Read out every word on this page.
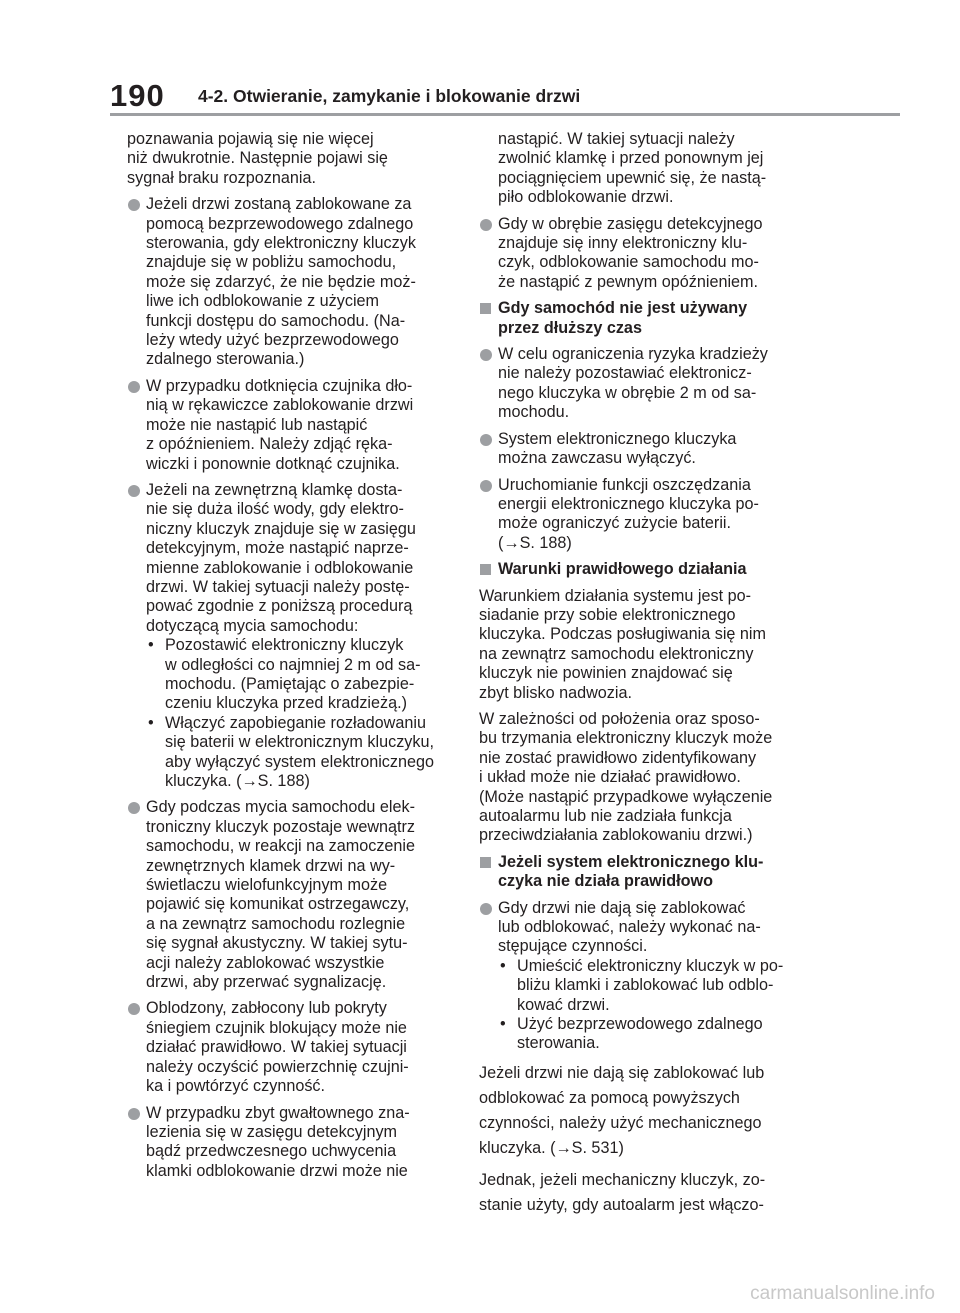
190 4-2. Otwieranie, zamykanie i blokowanie drzwi
poznawania pojawią się nie więcej
niż dwukrotnie. Następnie pojawi się
sygnał braku rozpoznania.
Jeżeli drzwi zostaną zablokowane za
pomocą bezprzewodowego zdalnego
sterowania, gdy elektroniczny kluczyk
znajduje się w pobliżu samochodu,
może się zdarzyć, że nie będzie moż-
liwe ich odblokowanie z użyciem
funkcji dostępu do samochodu. (Na-
leży wtedy użyć bezprzewodowego
zdalnego sterowania.)
W przypadku dotknięcia czujnika dło-
nią w rękawiczce zablokowanie drzwi
może nie nastąpić lub nastąpić
z opóźnieniem. Należy zdjąć ręka-
wiczki i ponownie dotknąć czujnika.
Jeżeli na zewnętrzną klamkę dosta-
nie się duża ilość wody, gdy elektro-
niczny kluczyk znajduje się w zasięgu
detekcyjnym, może nastąpić naprze-
mienne zablokowanie i odblokowanie
drzwi. W takiej sytuacji należy postę-
pować zgodnie z poniższą procedurą
dotyczącą mycia samochodu:
• Pozostawić elektroniczny kluczyk
w odległości co najmniej 2 m od sa-
mochodu. (Pamiętając o zabezpie-
czeniu kluczyka przed kradzieżą.)
• Włączyć zapobieganie rozładowaniu
się baterii w elektronicznym kluczyku,
aby wyłączyć system elektronicznego
kluczyka. (→S. 188)
Gdy podczas mycia samochodu elek-
troniczny kluczyk pozostaje wewnątrz
samochodu, w reakcji na zamoczenie
zewnętrznych klamek drzwi na wy-
świetlaczu wielofunkcyjnym może
pojawić się komunikat ostrzegawczy,
a na zewnątrz samochodu rozlegnie
się sygnał akustyczny. W takiej sytu-
acji należy zablokować wszystkie
drzwi, aby przerwać sygnalizację.
Oblodzony, zabłocony lub pokryty
śniegiem czujnik blokujący może nie
działać prawidłowo. W takiej sytuacji
należy oczyścić powierzchnię czujni-
ka i powtórzyć czynność.
W przypadku zbyt gwałtownego zna-
lezienia się w zasięgu detekcyjnym
bądź przedwczesnego uchwycenia
klamki odblokowanie drzwi może nie
nastąpić. W takiej sytuacji należy
zwolnić klamkę i przed ponownym jej
pociągnięciem upewnić się, że nastą-
piło odblokowanie drzwi.
Gdy w obrębie zasięgu detekcyjnego
znajduje się inny elektroniczny klu-
czyk, odblokowanie samochodu mo-
że nastąpić z pewnym opóźnieniem.
Gdy samochód nie jest używany
przez dłuższy czas
W celu ograniczenia ryzyka kradzieży
nie należy pozostawiać elektronicz-
nego kluczyka w obrębie 2 m od sa-
mochodu.
System elektronicznego kluczyka
można zawczasu wyłączyć.
Uruchomianie funkcji oszczędzania
energii elektronicznego kluczyka po-
może ograniczyć zużycie baterii.
(→S. 188)
Warunki prawidłowego działania
Warunkiem działania systemu jest po-
siadanie przy sobie elektronicznego
kluczyka. Podczas posługiwania się nim
na zewnątrz samochodu elektroniczny
kluczyk nie powinien znajdować się
zbyt blisko nadwozia.
W zależności od położenia oraz sposo-
bu trzymania elektroniczny kluczyk może
nie zostać prawidłowo zidentyfikowany
i układ może nie działać prawidłowo.
(Może nastąpić przypadkowe wyłączenie
autoalarmu lub nie zadziała funkcja
przeciwdziałania zablokowaniu drzwi.)
Jeżeli system elektronicznego klu-
czyka nie działa prawidłowo
Gdy drzwi nie dają się zablokować
lub odblokować, należy wykonać na-
stępujące czynności.
• Umieścić elektroniczny kluczyk w po-
bliżu klamki i zablokować lub odblo-
kować drzwi.
• Użyć bezprzewodowego zdalnego
sterowania.
Jeżeli drzwi nie dają się zablokować lub
odblokować za pomocą powyższych
czynności, należy użyć mechanicznego
kluczyka. (→S. 531)
Jednak, jeżeli mechaniczny kluczyk, zo-
stanie użyty, gdy autoalarm jest włączo-
carmanualsonline.info
